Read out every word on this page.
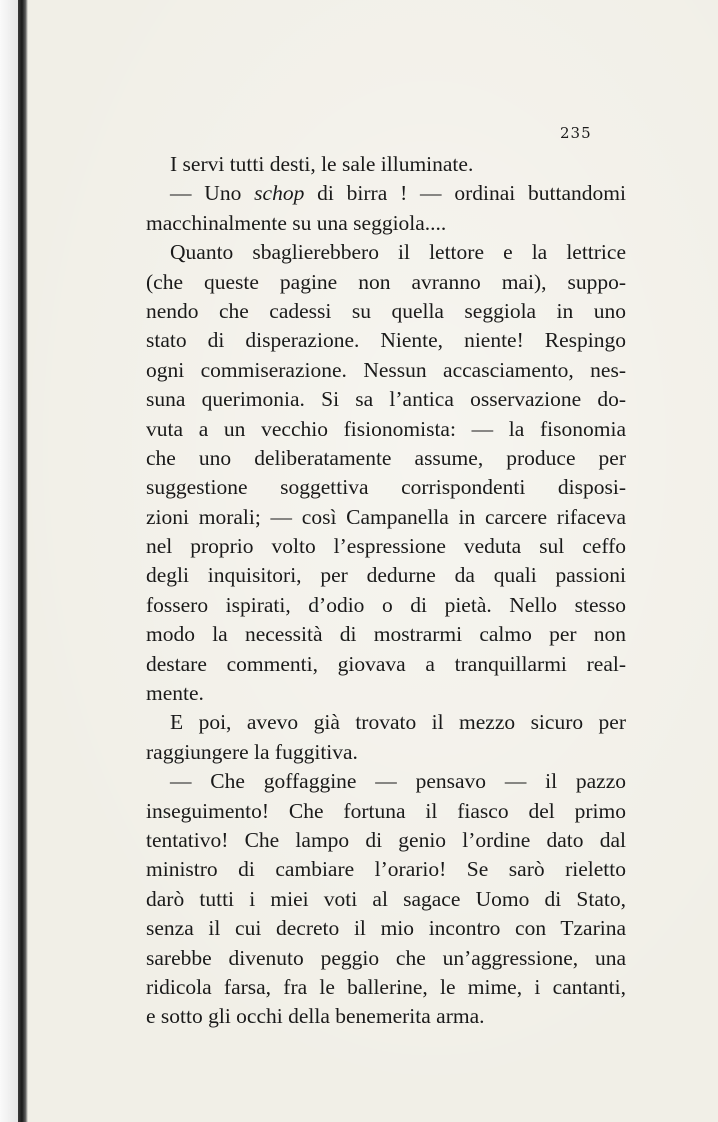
235
I servi tutti desti, le sale illuminate.
— Uno schop di birra ! — ordinai buttandomi
macchinalmente su una seggiola....
Quanto sbaglierebbero il lettore e la lettrice
(che queste pagine non avranno mai), suppo-
nendo che cadessi su quella seggiola in uno
stato di disperazione. Niente, niente! Respingo
ogni commiserazione. Nessun accasciamento, nes-
suna querimonia. Si sa l’antica osservazione do-
vuta a un vecchio fisionomista: — la fisonomia
che uno deliberatamente assume, produce per
suggestione soggettiva corrispondenti disposi-
zioni morali; — così Campanella in carcere rifaceva
nel proprio volto l’espressione veduta sul ceffo
degli inquisitori, per dedurne da quali passioni
fossero ispirati, d’odio o di pietà. Nello stesso
modo la necessità di mostrarmi calmo per non
destare commenti, giovava a tranquillarmi real-
mente.
E poi, avevo già trovato il mezzo sicuro per
raggiungere la fuggitiva.
— Che goffaggine — pensavo — il pazzo
inseguimento! Che fortuna il fiasco del primo
tentativo! Che lampo di genio l’ordine dato dal
ministro di cambiare l’orario! Se sarò rieletto
darò tutti i miei voti al sagace Uomo di Stato,
senza il cui decreto il mio incontro con Tzarina
sarebbe divenuto peggio che un’aggressione, una
ridicola farsa, fra le ballerine, le mime, i cantanti,
e sotto gli occhi della benemerita arma.
